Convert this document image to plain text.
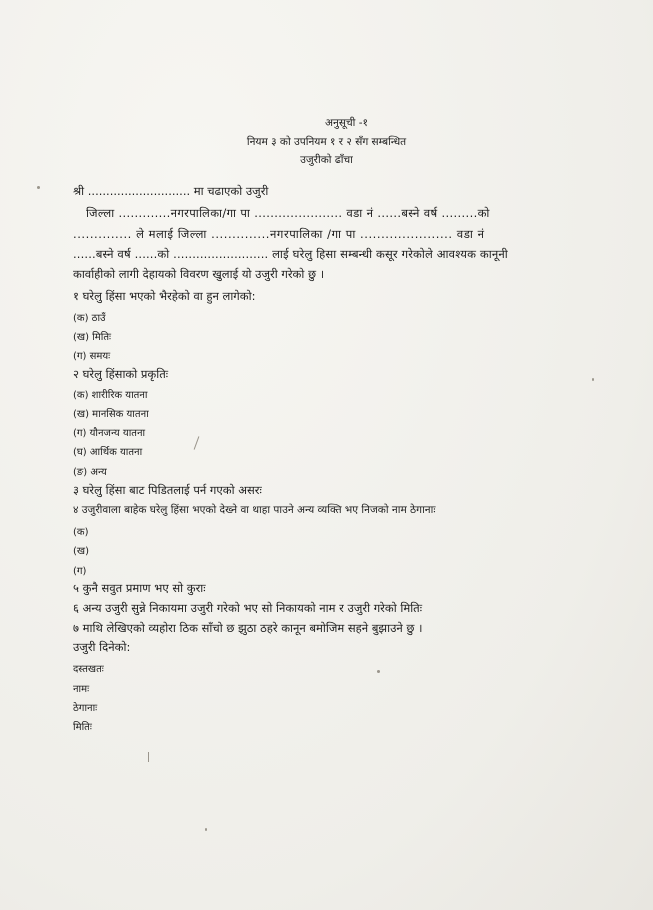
अनुसूची -१
नियम ३ को उपनियम १ र २ सँग सम्बन्धित
उजुरीको ढाँचा
श्री ............................ मा चढाएको उजुरी
जिल्ला .............नगरपालिका/गा पा ...................... वडा नं ......बस्ने वर्ष .........को
.............. ले मलाई जिल्ला ..............नगरपालिका /गा पा ...................... वडा नं
......बस्ने वर्ष ......को ......................... लाई घरेलु हिसा सम्बन्धी कसूर गरेकोले आवश्यक कानूनी
कार्वाहीको लागी देहायको विवरण खुलाई यो उजुरी गरेको छु ।
१ घरेलु हिंसा भएको भैरहेको वा हुन लागेको:
(क) ठाउँ
(ख) मितिः
(ग) समयः
२ घरेलु हिंसाको प्रकृतिः
(क) शारीरिक यातना
(ख) मानसिक यातना
(ग) यौनजन्य यातना
(घ) आर्थिक यातना
(ङ) अन्य
३ घरेलु हिंसा बाट पिडितलाई पर्न गएको असरः
४ उजुरीवाला बाहेक घरेलु हिंसा भएको देख्ने वा थाहा पाउने अन्य व्यक्ति भए निजको नाम ठेगानाः
(क)
(ख)
(ग)
५ कुनै सवुत प्रमाण भए सो कुराः
६ अन्य उजुरी सुन्ने निकायमा उजुरी गरेको भए सो निकायको नाम र उजुरी गरेको मितिः
७ माथि लेखिएको व्यहोरा ठिक साँचो छ झुठा ठहरे कानून बमोजिम सहने बुझाउने छु ।
उजुरी दिनेको:
दस्तखतः
नामः
ठेगानाः
मितिः
